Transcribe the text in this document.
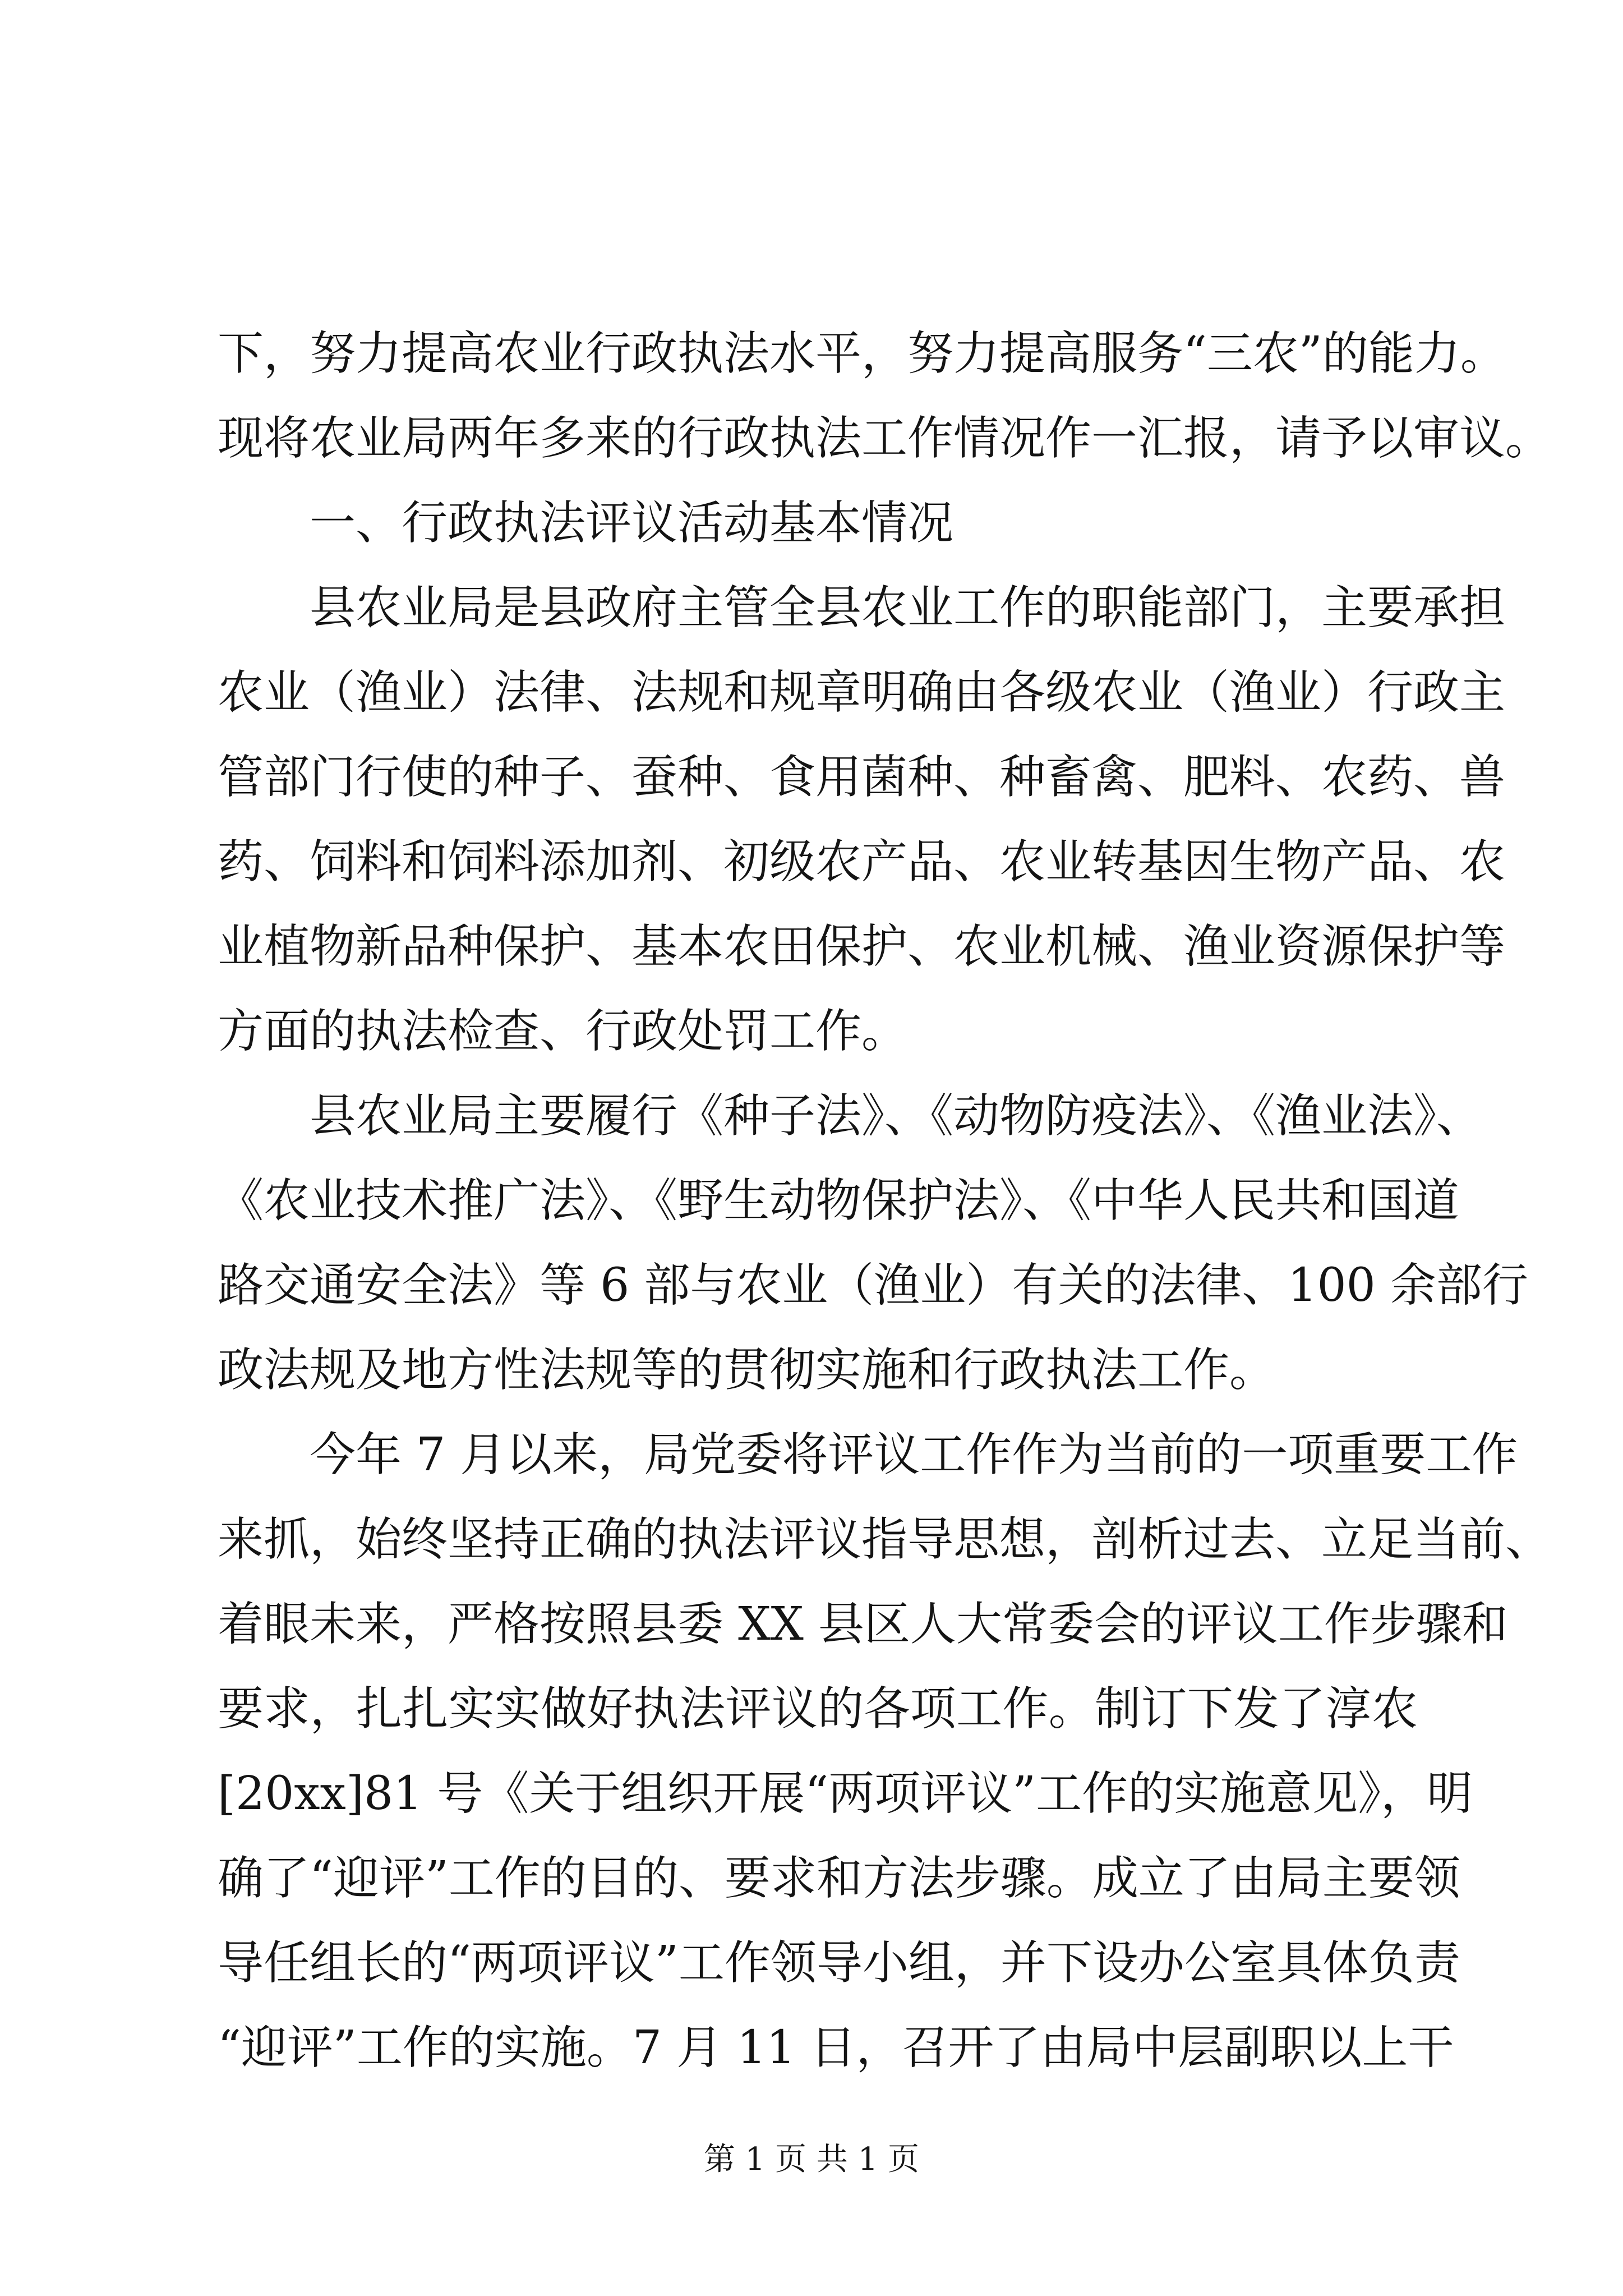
下，努力提高农业行政执法水平，努力提高服务“三农”的能力。
现将农业局两年多来的行政执法工作情况作一汇报，请予以审议。
一、行政执法评议活动基本情况
县农业局是县政府主管全县农业工作的职能部门，主要承担
农业（渔业）法律、法规和规章明确由各级农业（渔业）行政主
管部门行使的种子、蚕种、食用菌种、种畜禽、肥料、农药、兽
药、饲料和饲料添加剂、初级农产品、农业转基因生物产品、农
业植物新品种保护、基本农田保护、农业机械、渔业资源保护等
方面的执法检查、行政处罚工作。
县农业局主要履行《种子法》、《动物防疫法》、《渔业法》、
《农业技术推广法》、《野生动物保护法》、《中华人民共和国道
路交通安全法》等 6 部与农业（渔业）有关的法律、100 余部行
政法规及地方性法规等的贯彻实施和行政执法工作。
今年 7 月以来，局党委将评议工作作为当前的一项重要工作
来抓，始终坚持正确的执法评议指导思想，剖析过去、立足当前、
着眼未来，严格按照县委 XX 县区人大常委会的评议工作步骤和
要求，扎扎实实做好执法评议的各项工作。制订下发了淳农
[20xx]81 号《关于组织开展“两项评议”工作的实施意见》，明
确了“迎评”工作的目的、要求和方法步骤。成立了由局主要领
导任组长的“两项评议”工作领导小组，并下设办公室具体负责
“迎评”工作的实施。7 月 11 日，召开了由局中层副职以上干
第 1 页 共 1 页
